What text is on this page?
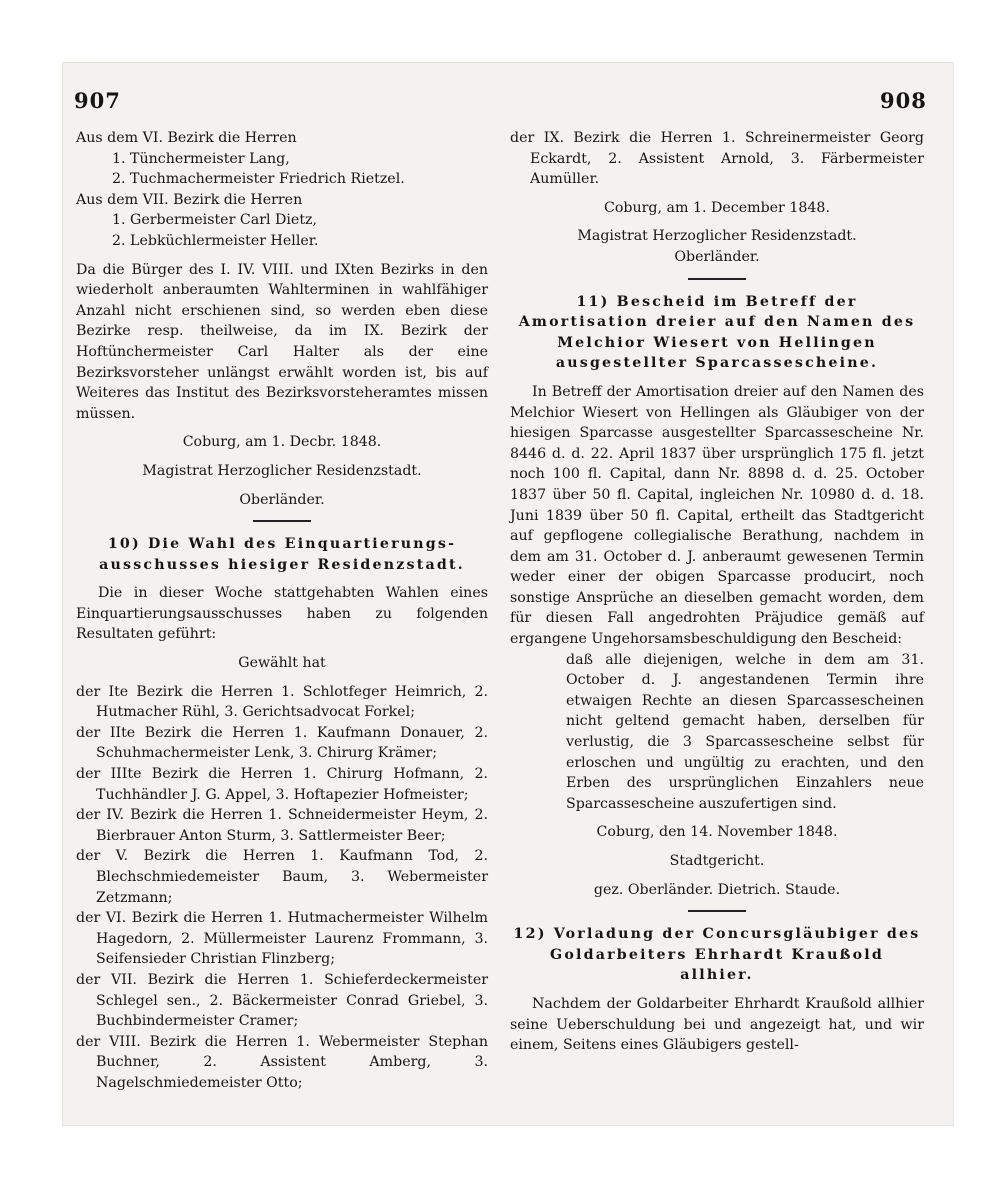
907	908

Aus dem VI. Bezirk die Herren

1. Tünchermeister Lang,

2. Tuchmachermeister Friedrich Rietzel.

Aus dem VII. Bezirk die Herren

1. Gerbermeister Carl Dietz,

2. Lebküchlermeister Heller.

Da die Bürger des I. IV. VIII. und IXten Bezirks in den wiederholt anberaumten Wahlterminen in wahlfähiger Anzahl nicht erschienen sind, so werden eben diese Bezirke resp. theilweise, da im IX. Bezirk der Hoftünchermeister Carl Halter als der eine Bezirksvorsteher unlängst erwählt worden ist, bis auf Weiteres das Institut des Bezirksvorsteheramtes missen müssen.

Coburg, am 1. Decbr. 1848.

Magistrat Herzoglicher Residenzstadt.

Oberländer.

10) Die Wahl des Einquartierungs-

ausschusses hiesiger Residenzstadt.

Die in dieser Woche stattgehabten Wahlen eines Einquartierungsausschusses haben zu folgenden Resultaten geführt:

Gewählt hat

der Ite Bezirk die Herren 1. Schlotfeger Heimrich, 2. Hutmacher Rühl, 3. Gerichtsadvocat Forkel;

der IIte Bezirk die Herren 1. Kaufmann Donauer, 2. Schuhmachermeister Lenk, 3. Chirurg Krämer;

der IIIte Bezirk die Herren 1. Chirurg Hofmann, 2. Tuchhändler J. G. Appel, 3. Hoftapezier Hofmeister;

der IV. Bezirk die Herren 1. Schneidermeister Heym, 2. Bierbrauer Anton Sturm, 3. Sattlermeister Beer;

der V. Bezirk die Herren 1. Kaufmann Tod, 2. Blechschmiedemeister Baum, 3. Webermeister Zetzmann;

der VI. Bezirk die Herren 1. Hutmachermeister Wilhelm Hagedorn, 2. Müllermeister Laurenz Frommann, 3. Seifensieder Christian Flinzberg;

der VII. Bezirk die Herren 1. Schieferdeckermeister Schlegel sen., 2. Bäckermeister Conrad Griebel, 3. Buchbindermeister Cramer;

der VIII. Bezirk die Herren 1. Webermeister Stephan Buchner, 2. Assistent Amberg, 3. Nagelschmiedemeister Otto;

der IX. Bezirk die Herren 1. Schreinermeister Georg Eckardt, 2. Assistent Arnold, 3. Färbermeister Aumüller.

Coburg, am 1. December 1848.

Magistrat Herzoglicher Residenzstadt.

Oberländer.

11) Bescheid im Betreff der Amortisation dreier auf den Namen des Melchior Wiesert von Hellingen ausgestellter Sparcassescheine.

In Betreff der Amortisation dreier auf den Namen des Melchior Wiesert von Hellingen als Gläubiger von der hiesigen Sparcasse ausgestellter Sparcassescheine Nr. 8446 d. d. 22. April 1837 über ursprünglich 175 fl. jetzt noch 100 fl. Capital, dann Nr. 8898 d. d. 25. October 1837 über 50 fl. Capital, ingleichen Nr. 10980 d. d. 18. Juni 1839 über 50 fl. Capital, ertheilt das Stadtgericht auf gepflogene collegialische Berathung, nachdem in dem am 31. October d. J. anberaumt gewesenen Termin weder einer der obigen Sparcasse producirt, noch sonstige Ansprüche an dieselben gemacht worden, dem für diesen Fall angedrohten Präjudice gemäß auf ergangene Ungehorsamsbeschuldigung den Bescheid:

daß alle diejenigen, welche in dem am 31. October d. J. angestandenen Termin ihre etwaigen Rechte an diesen Sparcassescheinen nicht geltend gemacht haben, derselben für verlustig, die 3 Sparcassescheine selbst für erloschen und ungültig zu erachten, und den Erben des ursprünglichen Einzahlers neue Sparcassescheine auszufertigen sind.

Coburg, den 14. November 1848.

Stadtgericht.

gez. Oberländer. Dietrich. Staude.

12) Vorladung der Concursgläubiger des Goldarbeiters Ehrhardt Kraußold allhier.

Nachdem der Goldarbeiter Ehrhardt Kraußold allhier seine Ueberschuldung bei und angezeigt hat, und wir einem, Seitens eines Gläubigers gestell-
